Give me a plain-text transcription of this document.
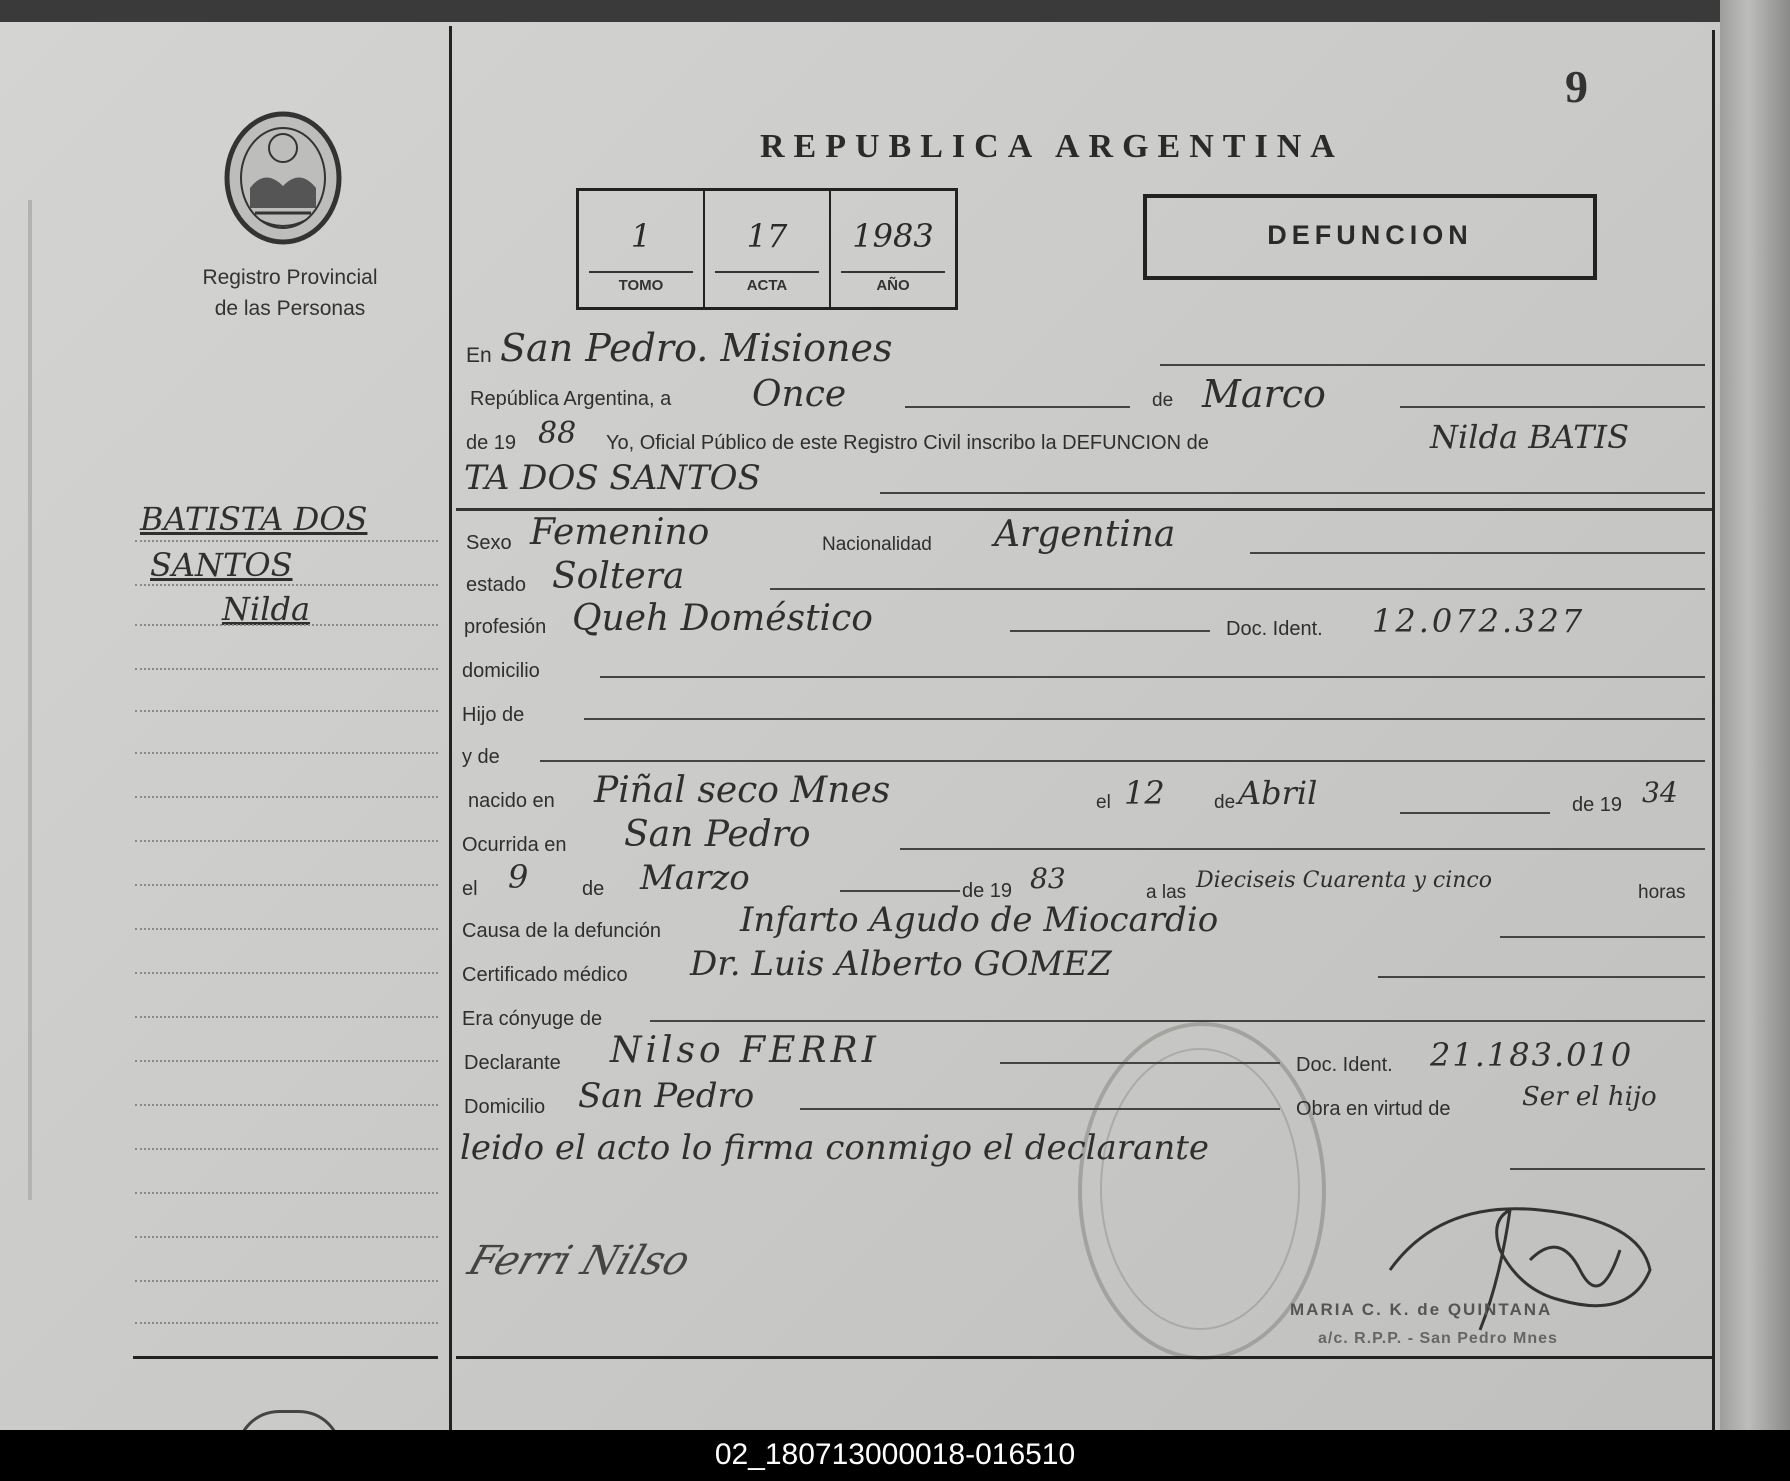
9
Registro Provincial
de las Personas
REPUBLICA ARGENTINA
1
TOMO
17
ACTA
1983
AÑO
DEFUNCION
BATISTA DOS
SANTOS
Nilda
En San Pedro. Misiones
República Argentina, a Once	de Marco
de 19 88 Yo, Oficial Público de este Registro Civil inscribo la DEFUNCION de	Nilda BATIS
TA DOS SANTOS
Sexo Femenino	Nacionalidad Argentina
estado Soltera
profesión Queh Doméstico	Doc. Ident. 12.072.327
domicilio
Hijo de
y de
nacido en Piñal seco Mnes	el 12	de Abril	de 19 34
Ocurrida en San Pedro
el 9	de Marzo	de 19 83	a las Dieciseis Cuarenta y cinco	horas
Causa de la defunción Infarto Agudo de Miocardio
Certificado médico Dr. Luis Alberto GOMEZ
Era cónyuge de
Declarante Nilso FERRI	Doc. Ident. 21.183.010
Domicilio San Pedro	Obra en virtud de	Ser el hijo
leido el acto lo firma conmigo el declarante
Ferri Nilso
MARIA C. K. de QUINTANA
a/c. R.P.P. - San Pedro Mnes
02_180713000018-016510
